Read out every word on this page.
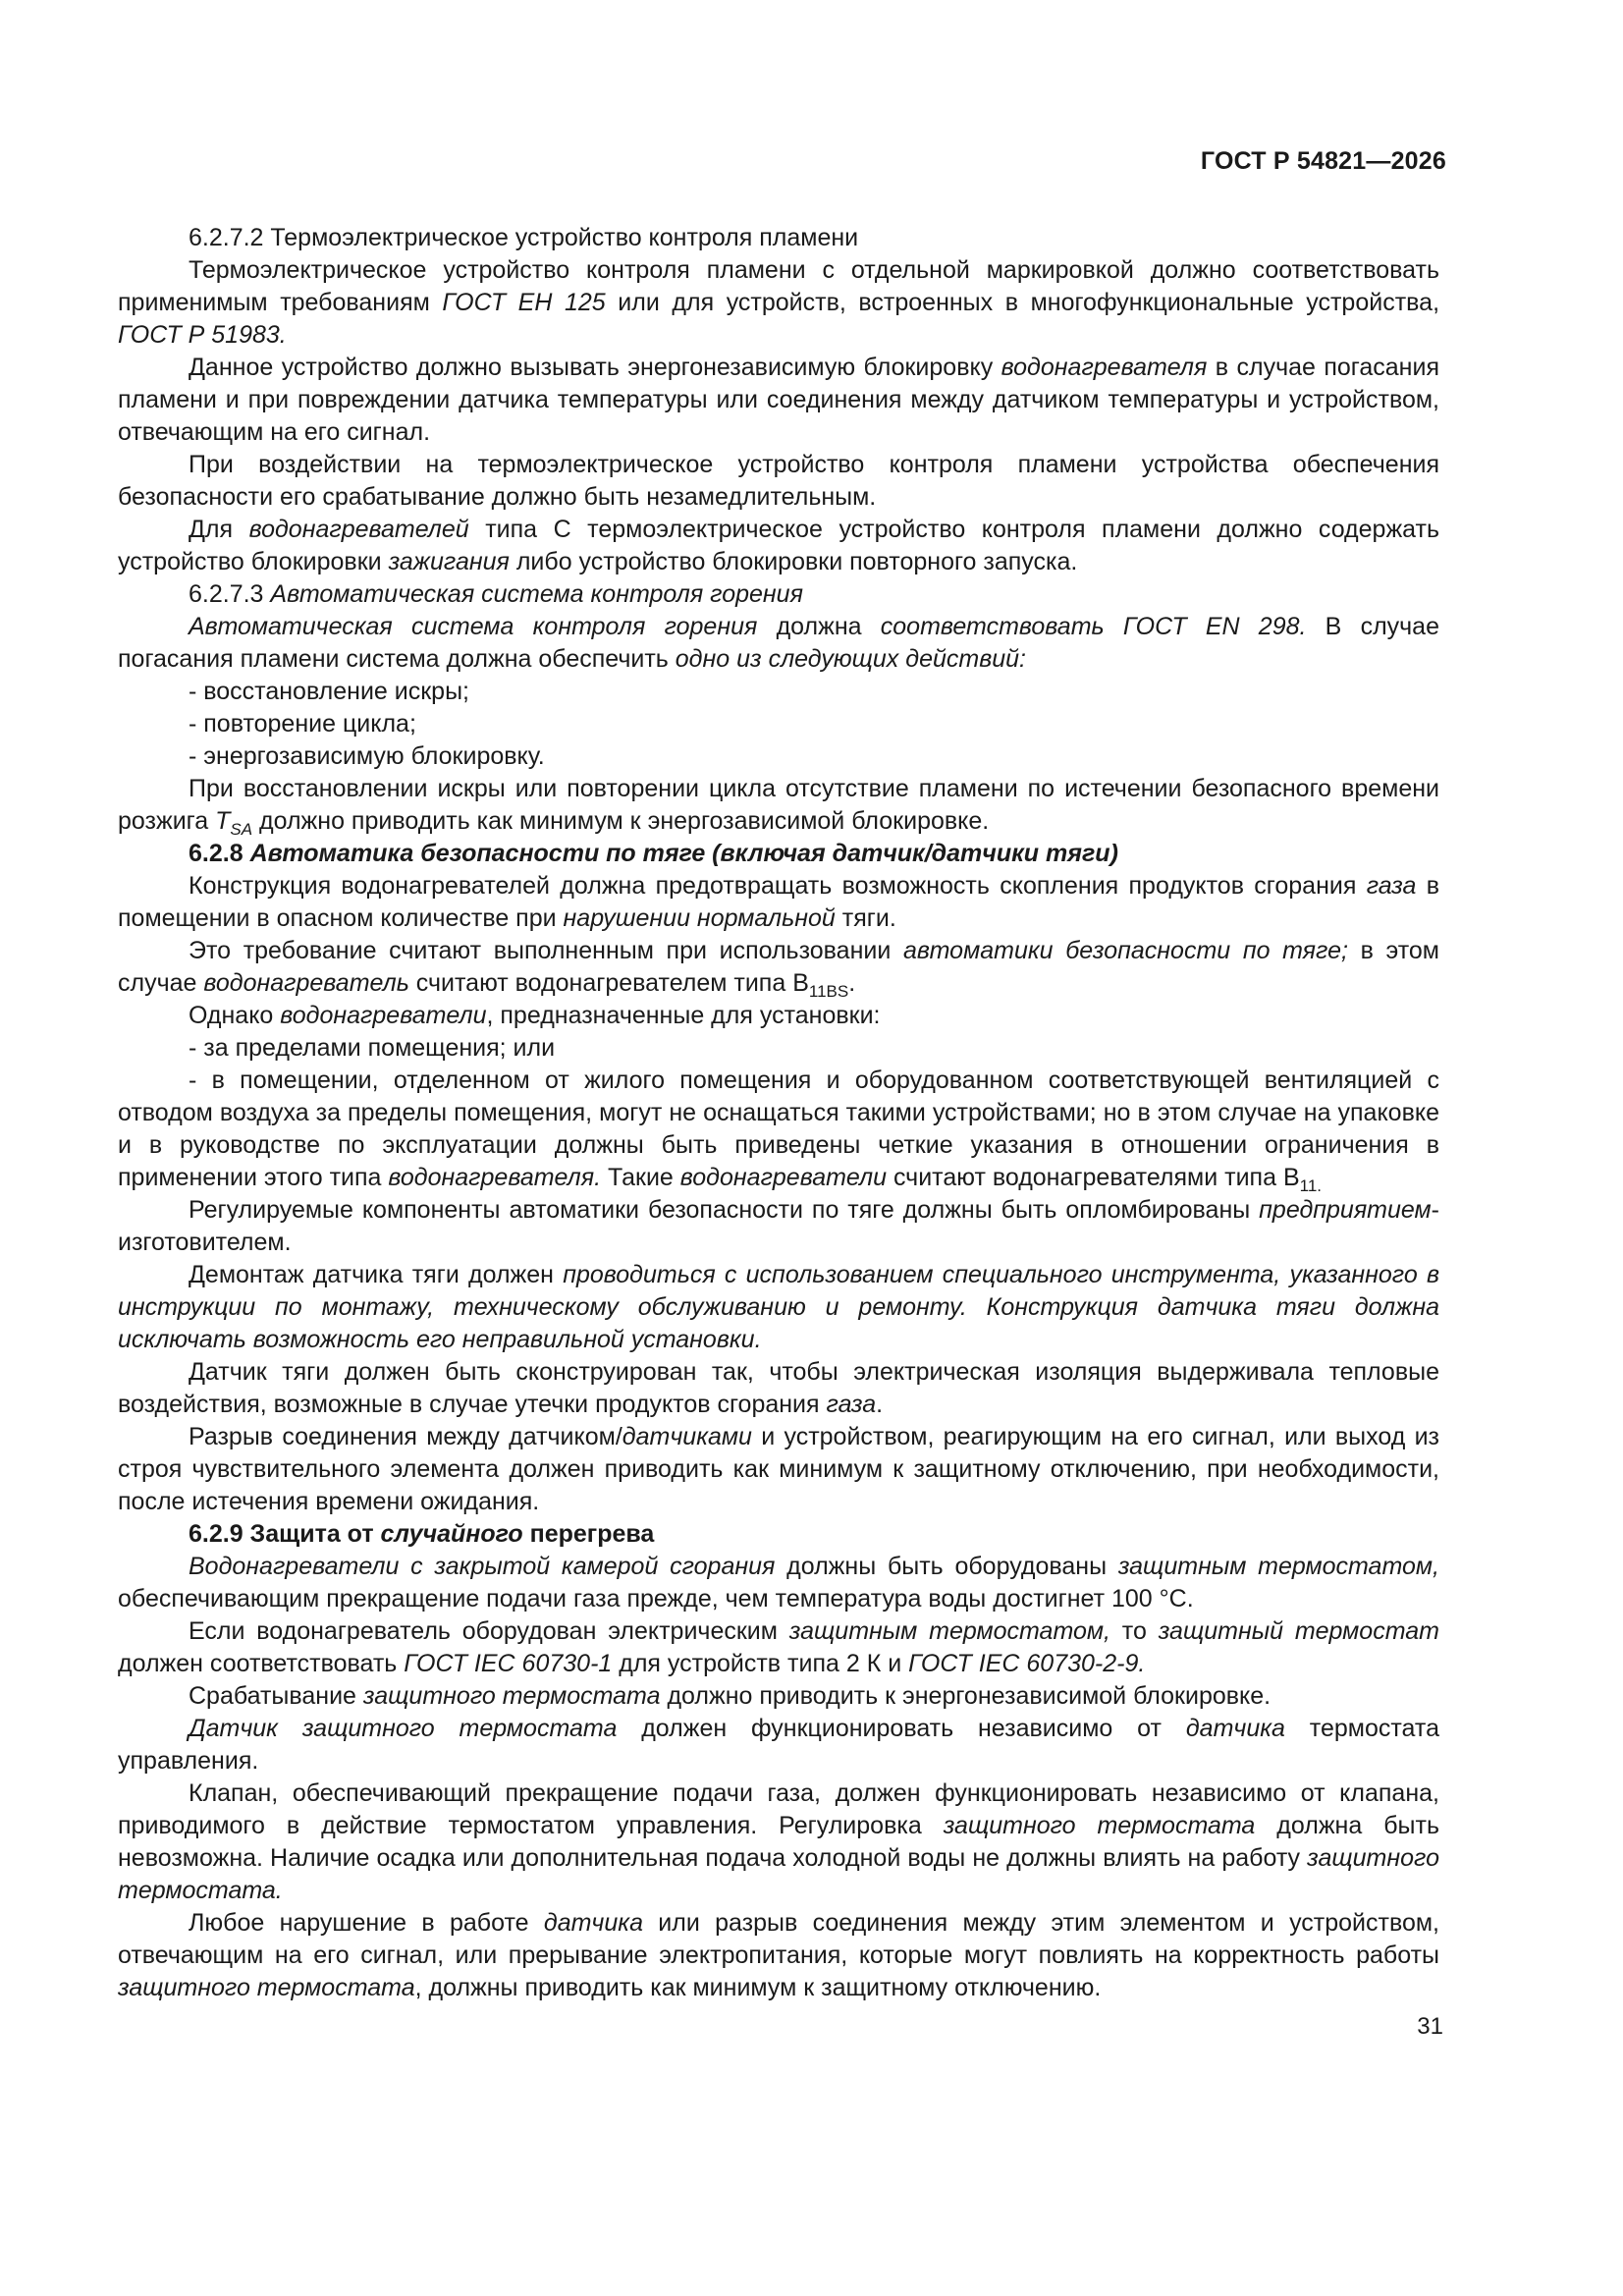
ГОСТ Р 54821—2026

6.2.7.2 Термоэлектрическое устройство контроля пламени

Термоэлектрическое устройство контроля пламени с отдельной маркировкой должно соответствовать применимым требованиям ГОСТ ЕН 125 или для устройств, встроенных в многофункциональные устройства, ГОСТ Р 51983.

Данное устройство должно вызывать энергонезависимую блокировку водонагревателя в случае погасания пламени и при повреждении датчика температуры или соединения между датчиком температуры и устройством, отвечающим на его сигнал.

При воздействии на термоэлектрическое устройство контроля пламени устройства обеспечения безопасности его срабатывание должно быть незамедлительным.

Для водонагревателей типа С термоэлектрическое устройство контроля пламени должно содержать устройство блокировки зажигания либо устройство блокировки повторного запуска.

6.2.7.3 Автоматическая система контроля горения

Автоматическая система контроля горения должна соответствовать ГОСТ EN 298. В случае погасания пламени система должна обеспечить одно из следующих действий:

- восстановление искры;

- повторение цикла;

- энергозависимую блокировку.

При восстановлении искры или повторении цикла отсутствие пламени по истечении безопасного времени розжига $T_{SA}$ должно приводить как минимум к энергозависимой блокировке.

6.2.8 Автоматика безопасности по тяге (включая датчик/датчики тяги)

Конструкция водонагревателей должна предотвращать возможность скопления продуктов сгорания газа в помещении в опасном количестве при нарушении нормальной тяги.

Это требование считают выполненным при использовании автоматики безопасности по тяге; в этом случае водонагреватель считают водонагревателем типа $В_{11BS}$.

Однако водонагреватели, предназначенные для установки:

- за пределами помещения; или

- в помещении, отделенном от жилого помещения и оборудованном соответствующей вентиляцией с отводом воздуха за пределы помещения, могут не оснащаться такими устройствами; но в этом случае на упаковке и в руководстве по эксплуатации должны быть приведены четкие указания в отношении ограничения в применении этого типа водонагревателя. Такие водонагреватели считают водонагревателями типа $В_{11.}$

Регулируемые компоненты автоматики безопасности по тяге должны быть опломбированы предприятием-изготовителем.

Демонтаж датчика тяги должен проводиться с использованием специального инструмента, указанного в инструкции по монтажу, техническому обслуживанию и ремонту. Конструкция датчика тяги должна исключать возможность его неправильной установки.

Датчик тяги должен быть сконструирован так, чтобы электрическая изоляция выдерживала тепловые воздействия, возможные в случае утечки продуктов сгорания газа.

Разрыв соединения между датчиком/датчиками и устройством, реагирующим на его сигнал, или выход из строя чувствительного элемента должен приводить как минимум к защитному отключению, при необходимости, после истечения времени ожидания.

6.2.9 Защита от случайного перегрева

Водонагреватели с закрытой камерой сгорания должны быть оборудованы защитным термостатом, обеспечивающим прекращение подачи газа прежде, чем температура воды достигнет 100 °C.

Если водонагреватель оборудован электрическим защитным термостатом, то защитный термостат должен соответствовать ГОСТ IEC 60730-1 для устройств типа 2 К и ГОСТ IEC 60730-2-9.

Срабатывание защитного термостата должно приводить к энергонезависимой блокировке.

Датчик защитного термостата должен функционировать независимо от датчика термостата управления.

Клапан, обеспечивающий прекращение подачи газа, должен функционировать независимо от клапана, приводимого в действие термостатом управления. Регулировка защитного термостата должна быть невозможна. Наличие осадка или дополнительная подача холодной воды не должны влиять на работу защитного термостата.

Любое нарушение в работе датчика или разрыв соединения между этим элементом и устройством, отвечающим на его сигнал, или прерывание электропитания, которые могут повлиять на корректность работы защитного термостата, должны приводить как минимум к защитному отключению.

31
